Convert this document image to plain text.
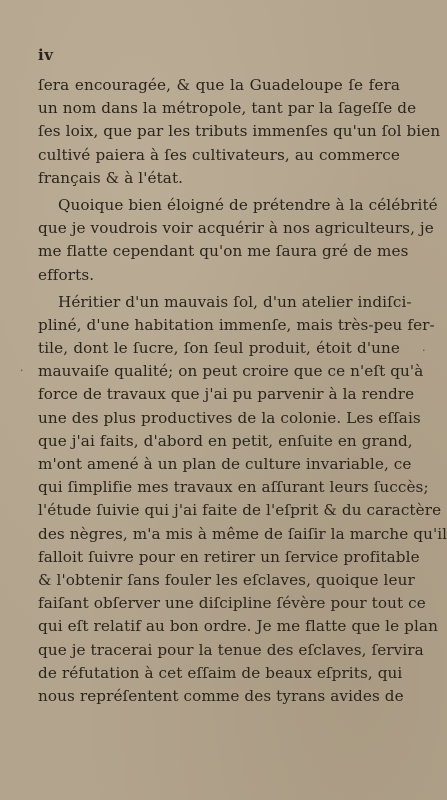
iv
·
·
ſera encouragée, & que la Guadeloupe ſe fera
un nom dans la métropole, tant par la ſageſſe de
ſes loix, que par les tributs immenſes qu'un ſol bien
cultivé paiera à ſes cultivateurs, au commerce
français & à l'état.
Quoique bien éloigné de prétendre à la célébrité
que je voudrois voir acquérir à nos agriculteurs, je
me flatte cependant qu'on me ſaura gré de mes
efforts.
Héritier d'un mauvais ſol, d'un atelier indiſci-
pliné, d'une habitation immenſe, mais très-peu fer-
tile, dont le ſucre, ſon ſeul produit, étoit d'une
mauvaiſe qualité; on peut croire que ce n'eſt qu'à
force de travaux que j'ai pu parvenir à la rendre
une des plus productives de la colonie. Les eſſais
que j'ai faits, d'abord en petit, enſuite en grand,
m'ont amené à un plan de culture invariable, ce
qui ſimplifie mes travaux en aſſurant leurs ſuccès;
l'étude ſuivie qui j'ai faite de l'eſprit & du caractère
des nègres, m'a mis à même de ſaiſir la marche qu'il
falloit ſuivre pour en retirer un ſervice profitable
& l'obtenir ſans fouler les eſclaves, quoique leur
faiſant obſerver une diſcipline ſévère pour tout ce
qui eſt relatif au bon ordre. Je me flatte que le plan
que je tracerai pour la tenue des eſclaves, ſervira
de réfutation à cet eſſaim de beaux eſprits, qui
nous repréſentent comme des tyrans avides de
